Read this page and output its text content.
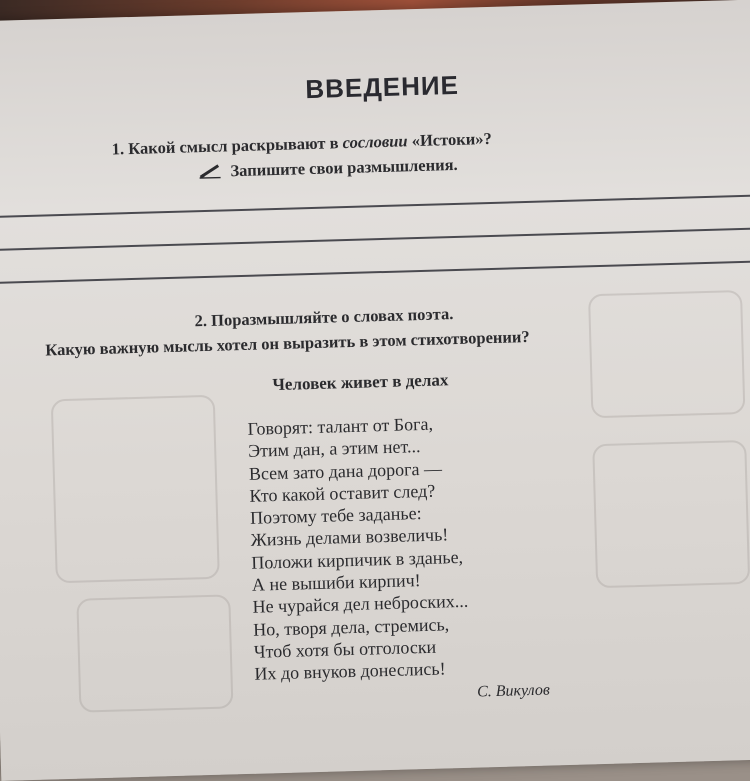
ВВЕДЕНИЕ
1. Какой смысл раскрывают в сословии «Истоки»?
Запишите свои размышления.
2. Поразмышляйте о словах поэта.
Какую важную мысль хотел он выразить в этом стихотворении?
Человек живет в делах
Говорят: талант от Бога,
Этим дан, а этим нет...
Всем зато дана дорога —
Кто какой оставит след?
Поэтому тебе заданье:
Жизнь делами возвеличь!
Положи кирпичик в зданье,
А не вышиби кирпич!
Не чурайся дел неброских...
Но, творя дела, стремись,
Чтоб хотя бы отголоски
Их до внуков донеслись!
С. Викулов
